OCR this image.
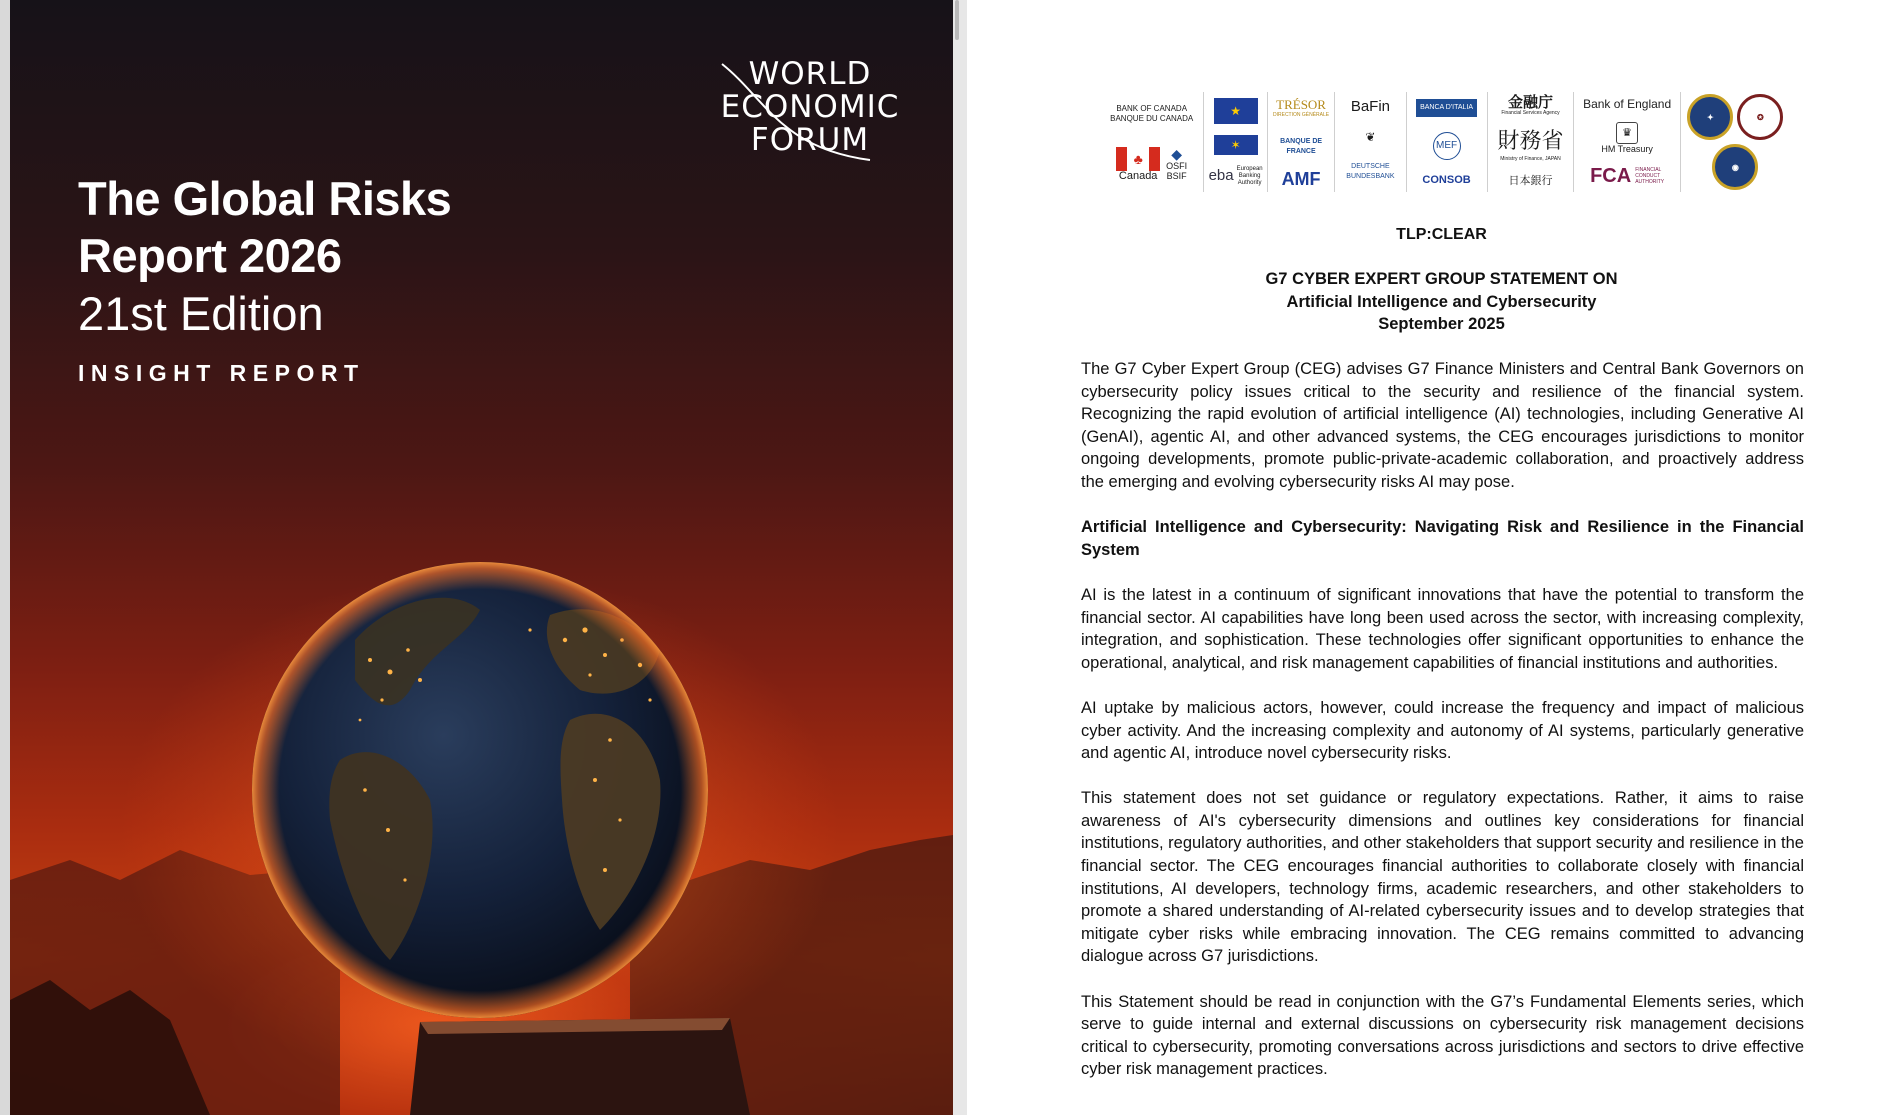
WORLD
ECONOMIC
FORUM
The Global Risks
Report 2026
21st Edition
INSIGHT REPORT
BANK OF CANADA
BANQUE DU CANADA
♣
Canada
◆
OSFI
BSIF
★
✶
eba European
Banking
Authority
TRÉSOR
DIRECTION GÉNÉRALE
BANQUE DE FRANCE
AMF
BaFin
❦
DEUTSCHE
BUNDESBANK
BANCA D'ITALIA
MEF
CONSOB
金融庁
Financial Services Agency
財務省
Ministry of Finance, JAPAN
日本銀行
Bank of England
♛
HM Treasury
FCA FINANCIAL
CONDUCT
AUTHORITY
✦	✪
◉
TLP:CLEAR
G7 CYBER EXPERT GROUP STATEMENT ON
Artificial Intelligence and Cybersecurity
September 2025

The G7 Cyber Expert Group (CEG) advises G7 Finance Ministers and Central Bank Governors on cybersecurity policy issues critical to the security and resilience of the financial system. Recognizing the rapid evolution of artificial intelligence (AI) technologies, including Generative AI (GenAI), agentic AI, and other advanced systems, the CEG encourages jurisdictions to monitor ongoing developments, promote public-private-academic collaboration, and proactively address the emerging and evolving cybersecurity risks AI may pose.

Artificial Intelligence and Cybersecurity: Navigating Risk and Resilience in the Financial System

AI is the latest in a continuum of significant innovations that have the potential to transform the financial sector. AI capabilities have long been used across the sector, with increasing complexity, integration, and sophistication. These technologies offer significant opportunities to enhance the operational, analytical, and risk management capabilities of financial institutions and authorities.

AI uptake by malicious actors, however, could increase the frequency and impact of malicious cyber activity. And the increasing complexity and autonomy of AI systems, particularly generative and agentic AI, introduce novel cybersecurity risks.

This statement does not set guidance or regulatory expectations. Rather, it aims to raise awareness of AI's cybersecurity dimensions and outlines key considerations for financial institutions, regulatory authorities, and other stakeholders that support security and resilience in the financial sector. The CEG encourages financial authorities to collaborate closely with financial institutions, AI developers, technology firms, academic researchers, and other stakeholders to promote a shared understanding of AI-related cybersecurity issues and to develop strategies that mitigate cyber risks while embracing innovation. The CEG remains committed to advancing dialogue across G7 jurisdictions.

This Statement should be read in conjunction with the G7’s Fundamental Elements series, which serve to guide internal and external discussions on cybersecurity risk management decisions critical to cybersecurity, promoting conversations across jurisdictions and sectors to drive effective cyber risk management practices.
